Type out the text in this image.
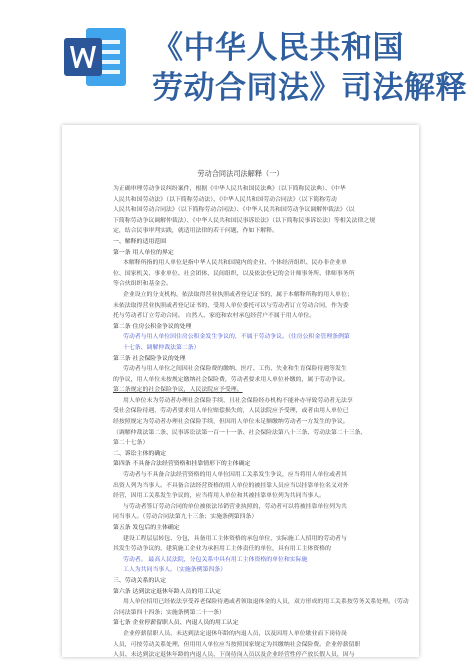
《中华人民共和国
劳动合同法》司法解释
劳动合同法司法解释（一）
为正确审理劳动争议纠纷案件，根据《中华人民共和国民法典》（以下简称民法典）、《中华
人民共和国劳动法》（以下简称劳动法）、《中华人民共和国劳动合同法》（以下简称劳动
人民共和国劳动合同法》（以下简称劳动合同法）、《中华人民共和国劳动争议调解仲裁法》（以
下简称劳动争议调解仲裁法）、《中华人民共和国民事诉讼法》（以下简称民事诉讼法）等相关法律之规
定，结合民事审判实践，就适用法律的若干问题，作如下解释。
一、解释的适用范围
第一条 用人单位的界定
本解释所指的用人单位是指中华人民共和国境内的企业、个体经济组织、民办非企业单
位、国家机关、事业单位、社会团体、民间组织，以及依法登记的会计师事务所、律师事务所
等合伙组织和基金会。
企业设立的分支机构，依法取得营业执照或者登记证书的，属于本解释所称的用人单位；
未依法取得营业执照或者登记证书的，受用人单位委托可以与劳动者订立劳动合同，作为委
托与劳动者订立劳动合同。 自然人、家庭和农村承包经营户不属于用人单位。
第二条 住房公积金争议的处理
劳动者与用人单位因住房公积金发生争议的，不属于劳动争议。（住房公积金管理条例第
十七条、调解仲裁法第二条）
第三条 社会保险争议的处理
劳动者与用人单位之间因社会保险费的缴纳、医疗、工伤、失业和生育保险待遇等发生
的争议，用人单位未按规定缴纳社会保险费，劳动者要求用人单位补缴的，属于劳动争议。
第二条规定的社会保险争议，人民法院应予受理。
用人单位未为劳动者办理社会保险手续，且社会保险经办机构不能补办导致劳动者无法享
受社会保险待遇，劳动者要求用人单位赔偿损失的，人民法院应予受理，或者由用人单位已
经按照规定为劳动者办理社会保险手续，但因用人单位未足额缴纳劳动者一方发生的争议。
（调解仲裁法第二条、民事诉讼法第一百一十一条、社会保险法第八十三条、劳动法第二十三条、
第二十七条）
二、诉讼主体的确定
第四条 不具备合法经营资格和挂靠情形下的主体确定
劳动者与不具备合法经营资格的用人单位因用工关系发生争议，应当将用人单位或者其
出资人列为当事人。不具备合法经营资格的用人单位的被挂靠人员应当以挂靠单位名义对外
经营，因用工关系发生争议的，应当将用人单位和其被挂靠单位列为共同当事人。
与劳动者签订劳动合同的单位被依法吊销营业执照的，劳动者可以将被挂靠单位列为共
同当事人。（劳动合同法第九十三条；实施条例第四条）
第五条 发包后的主体确定
建设工程层层转包、分包，具备用工主体资格的承包单位，实际施工人招用的劳动者与
其发生劳动争议的，建筑施工企业为承担用工主体责任的单位，具有用工主体资格的
劳动者。 最高人民法院，分包关系中具有用工主体资格的单位和实际施
工人为共同当事人。（实施条例第四条）
三、劳动关系的认定
第六条 达到法定退休年龄人员的用工认定
用人单位招用已经依法享受养老保险待遇或者领取退休金的人员，双方形成的用工关系按劳务关系处理。（劳动
合同法第四十四条；实施条例第二十一条）
第七条 企业停薪留职人员、内退人员的用工认定
企业停薪留职人员、未达到法定退休年龄的内退人员，以及因用人单位歇业而下岗待岗
人员，可按劳动关系处理，但用用人单位应当按照国家规定为其缴纳社会保险费。企业停薪留职
人员、未达到法定退休年龄的内退人员、下岗待岗人员以及企业经营性停产放长假人员，因与
